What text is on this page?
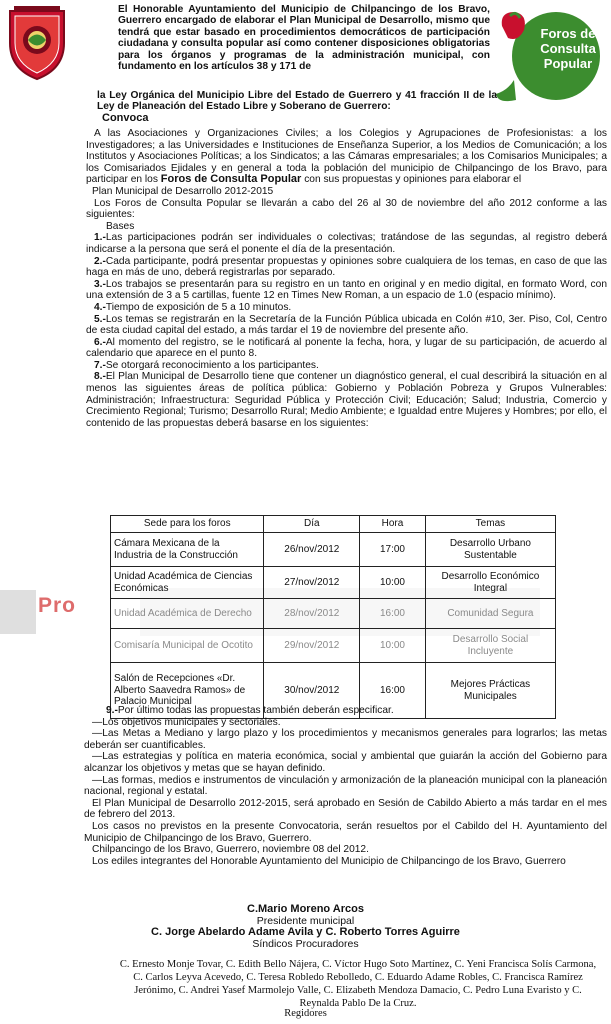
Foros de
Consulta
Popular
El Honorable Ayuntamiento del Municipio de Chilpancingo de los Bravo, Guerrero encargado de elaborar el Plan Municipal de Desarrollo, mismo que tendrá que estar basado en procedimientos democráticos de participación ciudadana y consulta popular así como contener disposiciones obligatorias para los órganos y programas de la administración municipal, con fundamento en los artículos 38 y 171 de
la Ley Orgánica del Municipio Libre del Estado de Guerrero y 41 fracción II de la Ley de Planeación del Estado Libre y Soberano de Guerrero:
Convoca

A las Asociaciones y Organizaciones Civiles; a los Colegios y Agrupaciones de Profesionistas: a los Investigadores; a las Universidades e Instituciones de Enseñanza Superior, a los Medios de Comunicación; a los Institutos y Asociaciones Políticas; a los Sindicatos; a las Cámaras empresariales; a los Comisarios Municipales; a los Comisariados Ejidales y en general a toda la población del municipio de Chilpancingo de los Bravo, para participar en los Foros de Consulta Popular con sus propuestas y opiniones para elaborar el

Plan Municipal de Desarrollo 2012-2015

Los Foros de Consulta Popular se llevarán a cabo del 26 al 30 de noviembre del año 2012 conforme a las siguientes:

Bases

1.-Las participaciones podrán ser individuales o colectivas; tratándose de las segundas, al registro deberá indicarse a la persona que será el ponente el día de la presentación.

2.-Cada participante, podrá presentar propuestas y opiniones sobre cualquiera de los temas, en caso de que las haga en más de uno, deberá registrarlas por separado.

3.-Los trabajos se presentarán para su registro en un tanto en original y en medio digital, en formato Word, con una extensión de 3 a 5 cartillas, fuente 12 en Times New Roman, a un espacio de 1.0 (espacio mínimo).

4.-Tiempo de exposición de 5 a 10 minutos.

5.-Los temas se registrarán en la Secretaría de la Función Pública ubicada en Colón #10, 3er. Piso, Col, Centro de esta ciudad capital del estado, a más tardar el 19 de noviembre del presente año.

6.-Al momento del registro, se le notificará al ponente la fecha, hora, y lugar de su participación, de acuerdo al calendario que aparece en el punto 8.

7.-Se otorgará reconocimiento a los participantes.

8.-El Plan Municipal de Desarrollo tiene que contener un diagnóstico general, el cual describirá la situación en al menos las siguientes áreas de política pública: Gobierno y Población Pobreza y Grupos Vulnerables: Administración; Infraestructura: Seguridad Pública y Protección Civil; Educación; Salud; Industria, Comercio y Crecimiento Regional; Turismo; Desarrollo Rural; Medio Ambiente; e Igualdad entre Mujeres y Hombres; por ello, el contenido de las propuestas deberá basarse en los siguientes:

Pro
Sede para los foros	Día	Hora	Temas
Cámara Mexicana de la Industria de la Construcción	26/nov/2012	17:00	Desarrollo Urbano Sustentable
Unidad Académica de Ciencias Económicas	27/nov/2012	10:00	Desarrollo Económico Integral
Unidad Académica de Derecho	28/nov/2012	16:00	Comunidad Segura
Comisaría Municipal de Ocotito	29/nov/2012	10:00	Desarrollo Social Incluyente
Salón de Recepciones «Dr. Alberto Saavedra Ramos» de Palacio Municipal	30/nov/2012	16:00	Mejores Prácticas Municipales

9.-Por último todas las propuestas también deberán especificar.

—Los objetivos municipales y sectoriales.

—Las Metas a Mediano y largo plazo y los procedimientos y mecanismos generales para lograrlos; las metas deberán ser cuantificables.

—Las estrategias y política en materia económica, social y ambiental que guiarán la acción del Gobierno para alcanzar los objetivos y metas que se hayan definido.

—Las formas, medios e instrumentos de vinculación y armonización de la planeación municipal con la planeación nacional, regional y estatal.

El Plan Municipal de Desarrollo 2012-2015, será aprobado en Sesión de Cabildo Abierto a más tardar en el mes de febrero del 2013.

Los casos no previstos en la presente Convocatoria, serán resueltos por el Cabildo del H. Ayuntamiento del Municipio de Chilpancingo de los Bravo, Guerrero.

Chilpancingo de los Bravo, Guerrero, noviembre 08 del 2012.

Los ediles integrantes del Honorable Ayuntamiento del Municipio de Chilpancingo de los Bravo, Guerrero

C.Mario Moreno Arcos
Presidente municipal
C. Jorge Abelardo Adame Avila y C. Roberto Torres Aguirre
Síndicos Procuradores
C. Ernesto Monje Tovar, C. Edith Bello Nájera, C. Víctor Hugo Soto Martínez, C. Yeni Francisca Solís Carmona, C. Carlos Leyva Acevedo, C. Teresa Robledo Rebolledo, C. Eduardo Adame Robles, C. Francisca Ramírez Jerónimo, C. Andrei Yasef Marmolejo Valle, C. Elizabeth Mendoza Damacio, C. Pedro Luna Evaristo y C. Reynalda Pablo De la Cruz.
Regidores
